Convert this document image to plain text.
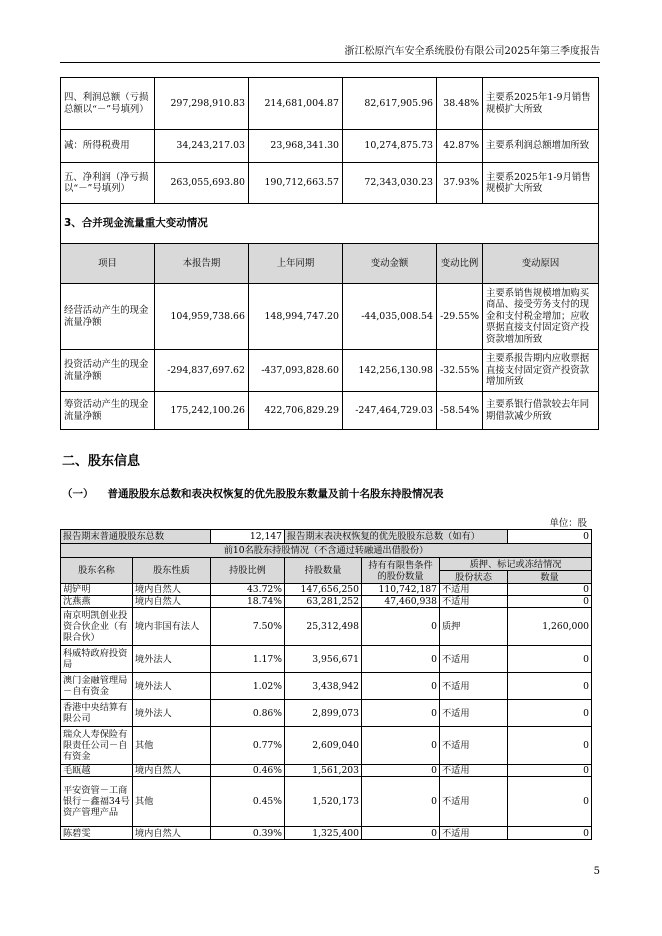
浙江松原汽车安全系统股份有限公司2025年第三季度报告
四、利润总额（亏损总额以“－”号填列）	297,298,910.83	214,681,004.87	82,617,905.96	38.48%	主要系2025年1-9月销售规模扩大所致
减：所得税费用	34,243,217.03	23,968,341.30	10,274,875.73	42.87%	主要系利润总额增加所致
五、净利润（净亏损以“－”号填列）	263,055,693.80	190,712,663.57	72,343,030.23	37.93%	主要系2025年1-9月销售规模扩大所致
3、合并现金流量重大变动情况					
项目	本报告期	上年同期	变动金额	变动比例	变动原因
经营活动产生的现金流量净额	104,959,738.66	148,994,747.20	-44,035,008.54	-29.55%	主要系销售规模增加购买商品、接受劳务支付的现金和支付税金增加；应收票据直接支付固定资产投资款增加所致
投资活动产生的现金流量净额	-294,837,697.62	-437,093,828.60	142,256,130.98	-32.55%	主要系报告期内应收票据直接支付固定资产投资款增加所致
筹资活动产生的现金流量净额	175,242,100.26	422,706,829.29	-247,464,729.03	-58.54%	主要系银行借款较去年同期借款减少所致
二、股东信息
（一） 普通股股东总数和表决权恢复的优先股股东数量及前十名股东持股情况表
单位：股
报告期末普通股股东总数		12,147	报告期末表决权恢复的优先股股东总数（如有）			0
前10名股东持股情况（不含通过转融通出借股份）						
股东名称	股东性质	持股比例	持股数量	持有有限售条件的股份数量	质押、标记或冻结情况	
					股份状态	数量
胡铲明	境内自然人	43.72%	147,656,250	110,742,187	不适用	0
沈燕燕	境内自然人	18.74%	63,281,252	47,460,938	不适用	0
南京明凯创业投资合伙企业（有限合伙）	境内非国有法人	7.50%	25,312,498	0	质押	1,260,000
科威特政府投资局	境外法人	1.17%	3,956,671	0	不适用	0
澳门金融管理局－自有资金	境外法人	1.02%	3,438,942	0	不适用	0
香港中央结算有限公司	境外法人	0.86%	2,899,073	0	不适用	0
瑞众人寿保险有限责任公司－自有资金	其他	0.77%	2,609,040	0	不适用	0
毛瓯越	境内自然人	0.46%	1,561,203	0	不适用	0
平安资管－工商银行－鑫福34号资产管理产品	其他	0.45%	1,520,173	0	不适用	0
陈碧雯	境内自然人	0.39%	1,325,400	0	不适用	0
5
